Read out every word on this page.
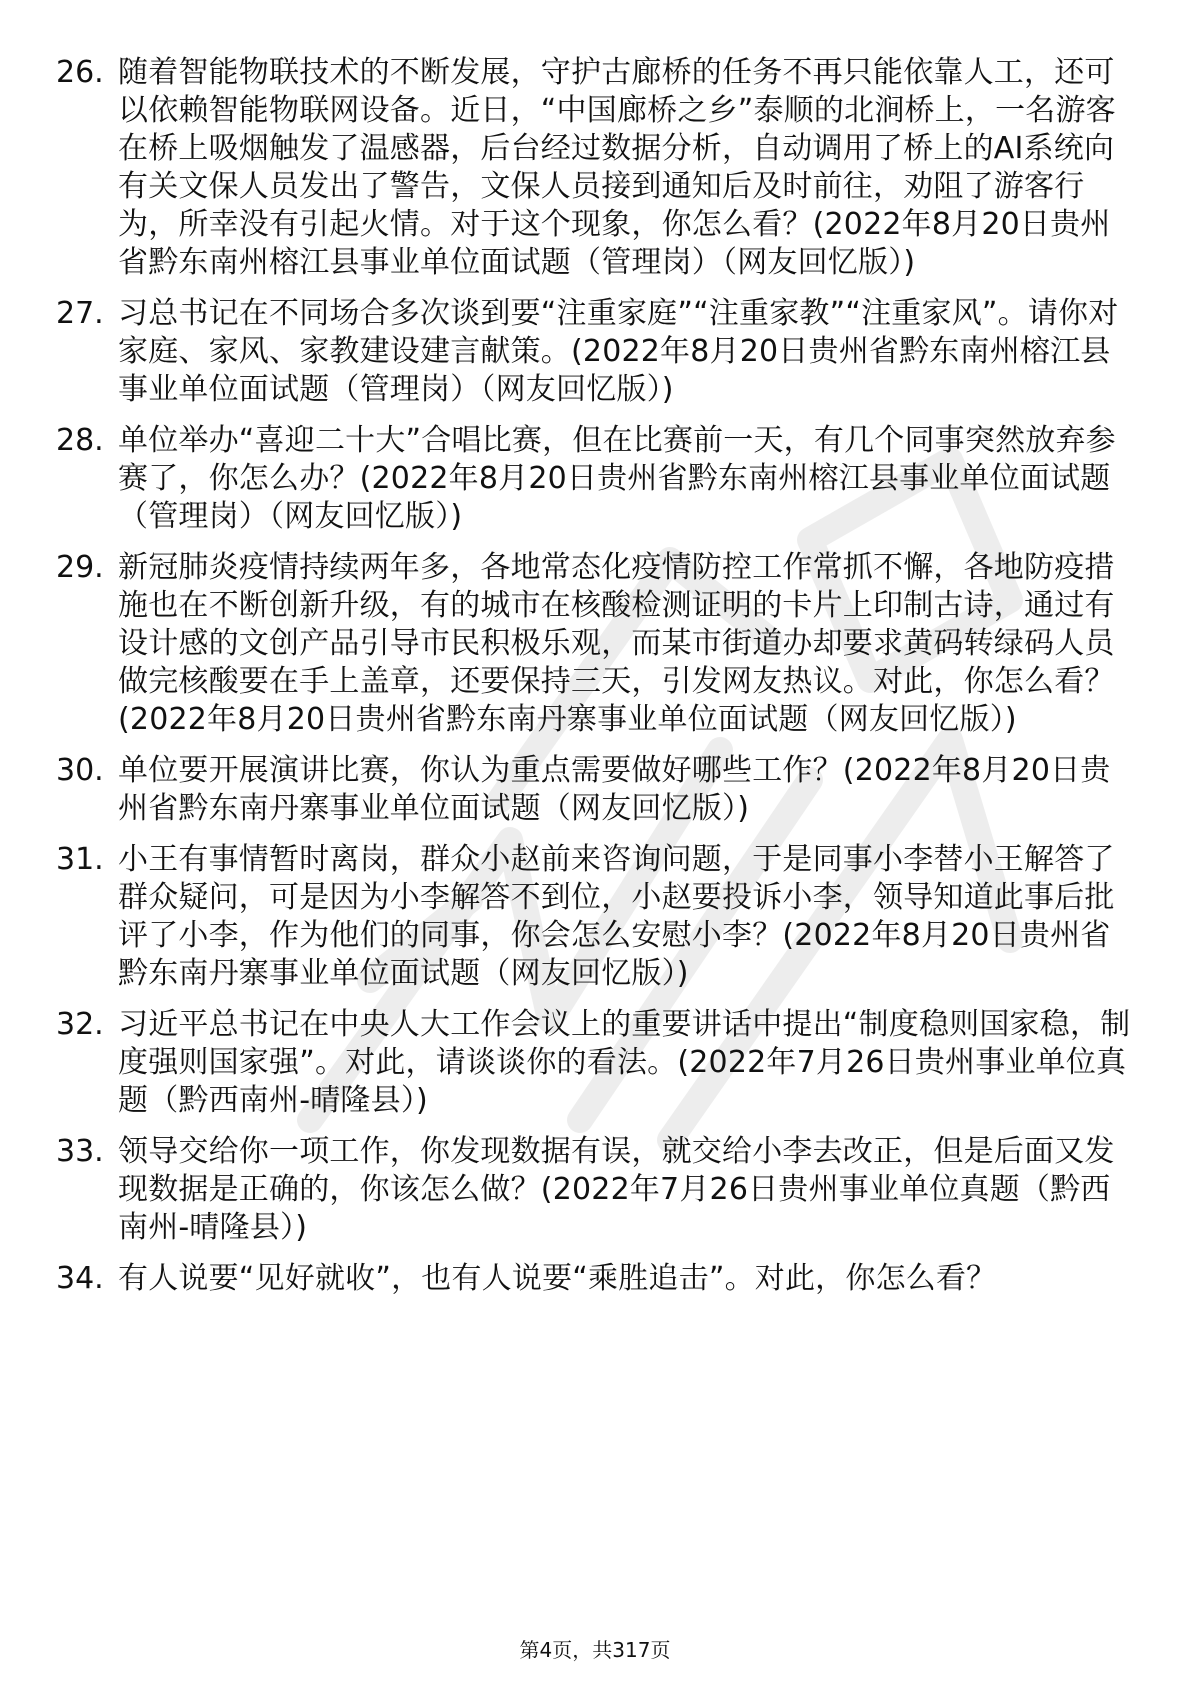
26. 随着智能物联技术的不断发展，守护古廊桥的任务不再只能依靠人工，还可以依赖智能物联网设备。近日，“中国廊桥之乡”泰顺的北涧桥上，一名游客在桥上吸烟触发了温感器，后台经过数据分析，自动调用了桥上的AI系统向有关文保人员发出了警告，文保人员接到通知后及时前往，劝阻了游客行为，所幸没有引起火情。对于这个现象，你怎么看？(2022年8月20日贵州省黔东南州榕江县事业单位面试题（管理岗）（网友回忆版）)
27. 习总书记在不同场合多次谈到要“注重家庭”“注重家教”“注重家风”。请你对家庭、家风、家教建设建言献策。(2022年8月20日贵州省黔东南州榕江县事业单位面试题（管理岗）（网友回忆版）)
28. 单位举办“喜迎二十大”合唱比赛，但在比赛前一天，有几个同事突然放弃参赛了，你怎么办？(2022年8月20日贵州省黔东南州榕江县事业单位面试题（管理岗）（网友回忆版）)
29. 新冠肺炎疫情持续两年多，各地常态化疫情防控工作常抓不懈，各地防疫措施也在不断创新升级，有的城市在核酸检测证明的卡片上印制古诗，通过有设计感的文创产品引导市民积极乐观，而某市街道办却要求黄码转绿码人员做完核酸要在手上盖章，还要保持三天，引发网友热议。对此，你怎么看？(2022年8月20日贵州省黔东南丹寨事业单位面试题（网友回忆版）)
30. 单位要开展演讲比赛，你认为重点需要做好哪些工作？(2022年8月20日贵州省黔东南丹寨事业单位面试题（网友回忆版）)
31. 小王有事情暂时离岗，群众小赵前来咨询问题，于是同事小李替小王解答了群众疑问，可是因为小李解答不到位，小赵要投诉小李，领导知道此事后批评了小李，作为他们的同事，你会怎么安慰小李？(2022年8月20日贵州省黔东南丹寨事业单位面试题（网友回忆版）)
32. 习近平总书记在中央人大工作会议上的重要讲话中提出“制度稳则国家稳，制度强则国家强”。对此，请谈谈你的看法。(2022年7月26日贵州事业单位真题（黔西南州-晴隆县）)
33. 领导交给你一项工作，你发现数据有误，就交给小李去改正，但是后面又发现数据是正确的，你该怎么做？(2022年7月26日贵州事业单位真题（黔西南州-晴隆县）)
34. 有人说要“见好就收”，也有人说要“乘胜追击”。对此，你怎么看？
第4页，共317页
